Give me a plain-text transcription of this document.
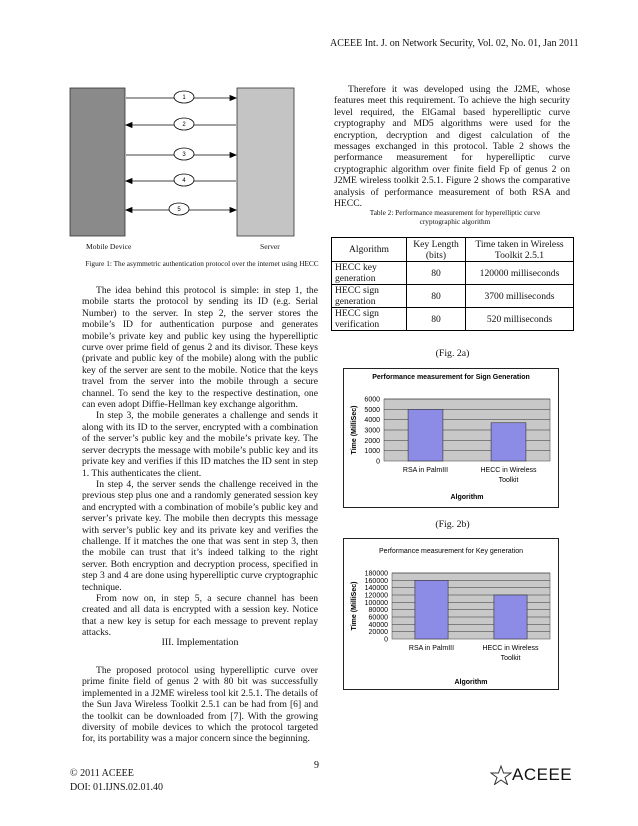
ACEEE Int. J. on Network Security, Vol. 02, No. 01, Jan 2011
1
2
3
4
5
Mobile Device	Server
Figure 1: The asymmetric authentication protocol over the internet using HECC

The idea behind this protocol is simple: in step 1, the mobile starts the protocol by sending its ID (e.g. Serial Number) to the server. In step 2, the server stores the mobile’s ID for authentication purpose and generates mobile’s private key and public key using the hyperelliptic curve over prime field of genus 2 and its divisor. These keys (private and public key of the mobile) along with the public key of the server are sent to the mobile. Notice that the keys travel from the server into the mobile through a secure channel. To send the key to the respective destination, one can even adopt Diffie-Hellman key exchange algorithm.

In step 3, the mobile generates a challenge and sends it along with its ID to the server, encrypted with a combination of the server’s public key and the mobile’s private key. The server decrypts the message with mobile’s public key and its private key and verifies if this ID matches the ID sent in step 1. This authenticates the client.

In step 4, the server sends the challenge received in the previous step plus one and a randomly generated session key and encrypted with a combination of mobile’s public key and server’s private key. The mobile then decrypts this message with server’s public key and its private key and verifies the challenge. If it matches the one that was sent in step 3, then the mobile can trust that it’s indeed talking to the right server. Both encryption and decryption process, specified in step 3 and 4 are done using hyperelliptic curve cryptographic technique.

From now on, in step 5, a secure channel has been created and all data is encrypted with a session key. Notice that a new key is setup for each message to prevent replay attacks.

III. Implementation

The proposed protocol using hyperelliptic curve over prime finite field of genus 2 with 80 bit was successfully implemented in a J2ME wireless tool kit 2.5.1. The details of the Sun Java Wireless Toolkit 2.5.1 can be had from [6] and the toolkit can be downloaded from [7]. With the growing diversity of mobile devices to which the protocol targeted for, its portability was a major concern since the beginning.

Therefore it was developed using the J2ME, whose features meet this requirement. To achieve the high security level required, the ElGamal based hyperelliptic curve cryptography and MD5 algorithms were used for the encryption, decryption and digest calculation of the messages exchanged in this protocol. Table 2 shows the performance measurement for hyperelliptic curve cryptographic algorithm over finite field Fp of genus 2 on J2ME wireless toolkit 2.5.1. Figure 2 shows the comparative analysis of performance measurement of both RSA and HECC.

Table 2: Performance measurement for hyperelliptic curve cryptographic algorithm
Algorithm	Key Length (bits)	Time taken in Wireless Toolkit 2.5.1
HECC key generation	80	120000 milliseconds
HECC sign generation	80	3700 milliseconds
HECC sign verification	80	520 milliseconds
(Fig. 2a)
Performance measurement for Sign Generation
0
1000
2000
3000
4000
5000
6000
RSA in PalmIII	HECC in Wireless
Toolkit
Algorithm
Time (MilliSec)
(Fig. 2b)
Performance measurement for Key generation
0
20000
40000
60000
80000
100000
120000
140000
160000
180000
RSA in PalmIII	HECC in Wireless
Toolkit
Algorithm
Time (MilliSec)
9
© 2011 ACEEE
DOI: 01.IJNS.02.01.40
ACEEE
